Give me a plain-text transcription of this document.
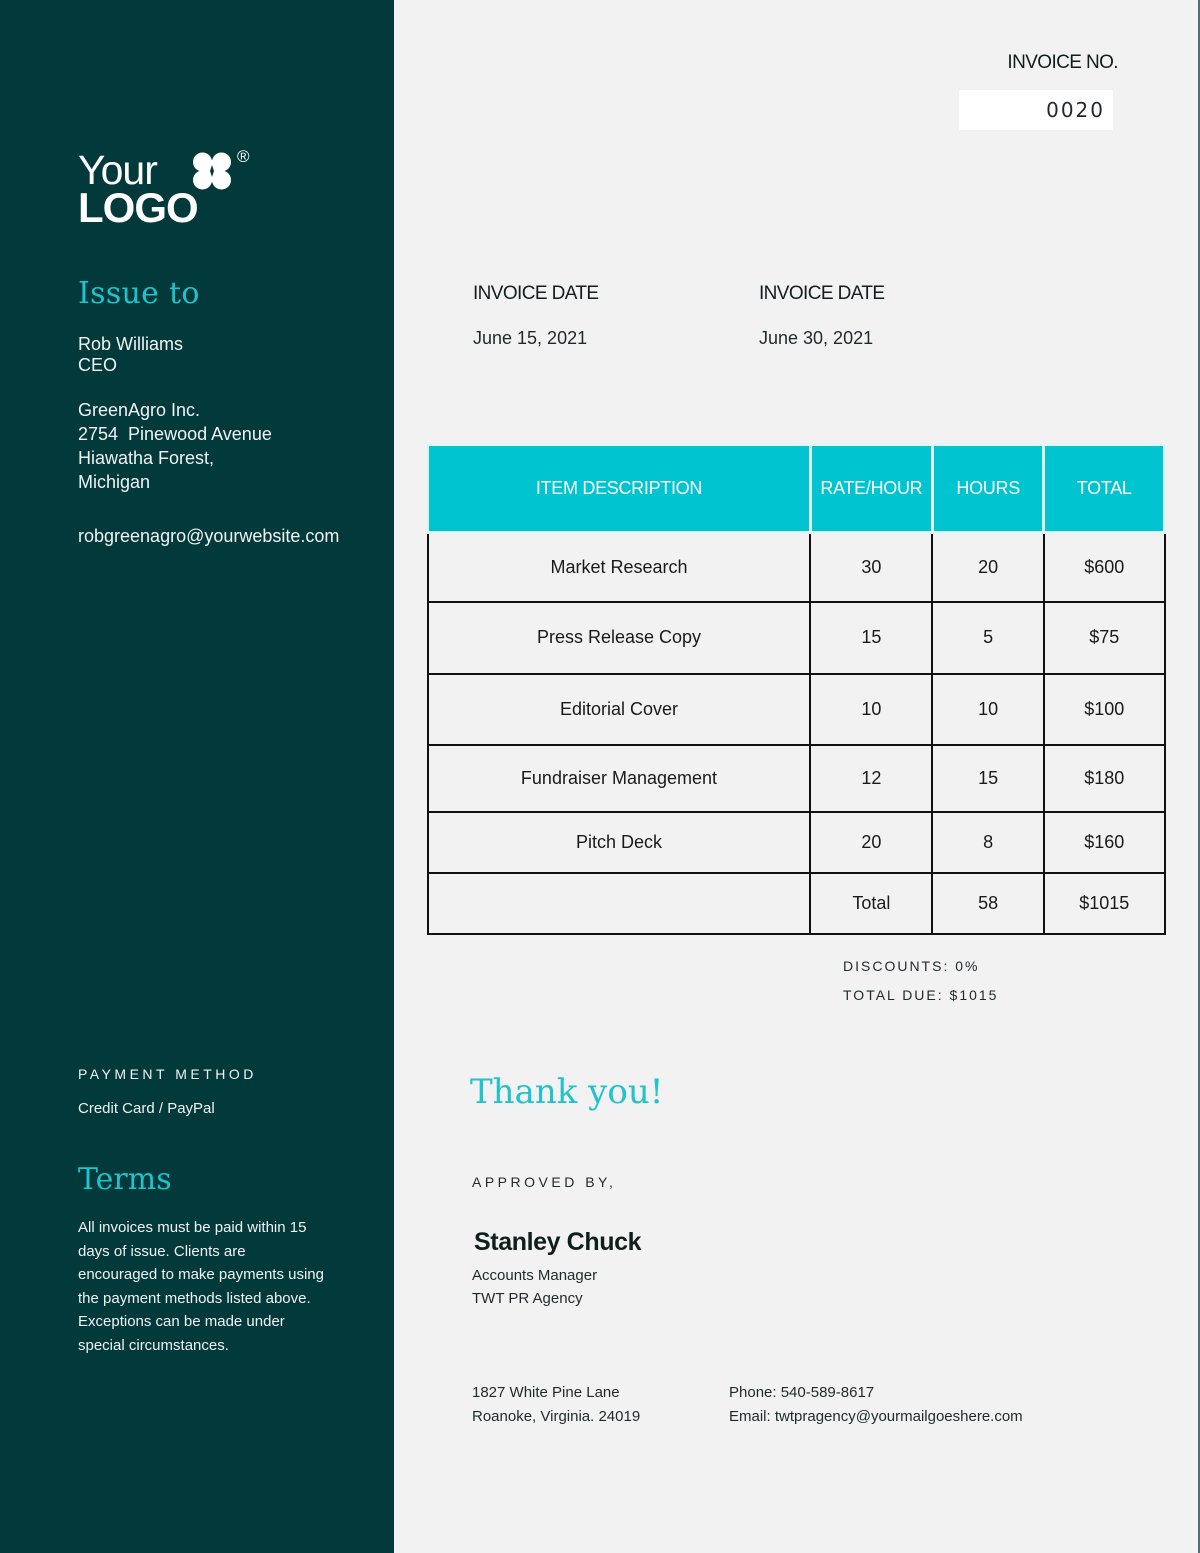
Your	®
LOGO
Issue to
Rob Williams
CEO
GreenAgro Inc.
2754  Pinewood Avenue
Hiawatha Forest,
Michigan
robgreenagro@yourwebsite.com
PAYMENT METHOD
Credit Card / PayPal
Terms
All invoices must be paid within 15 days of issue. Clients are encouraged to make payments using the payment methods listed above. Exceptions can be made under special circumstances.
INVOICE NO.
0020
INVOICE DATE
June 15, 2021
INVOICE DATE
June 30, 2021
ITEM DESCRIPTION	RATE/HOUR	HOURS	TOTAL
Market Research	30	20	$600
Press Release Copy	15	5	$75
Editorial Cover	10	10	$100
Fundraiser Management	12	15	$180
Pitch Deck	20	8	$160
	Total	58	$1015
DISCOUNTS: 0%
TOTAL DUE: $1015
Thank you!
APPROVED BY,
Stanley Chuck
Accounts Manager
TWT PR Agency
1827 White Pine Lane
Roanoke, Virginia. 24019
Phone: 540-589-8617
Email: twtpragency@yourmailgoeshere.com
